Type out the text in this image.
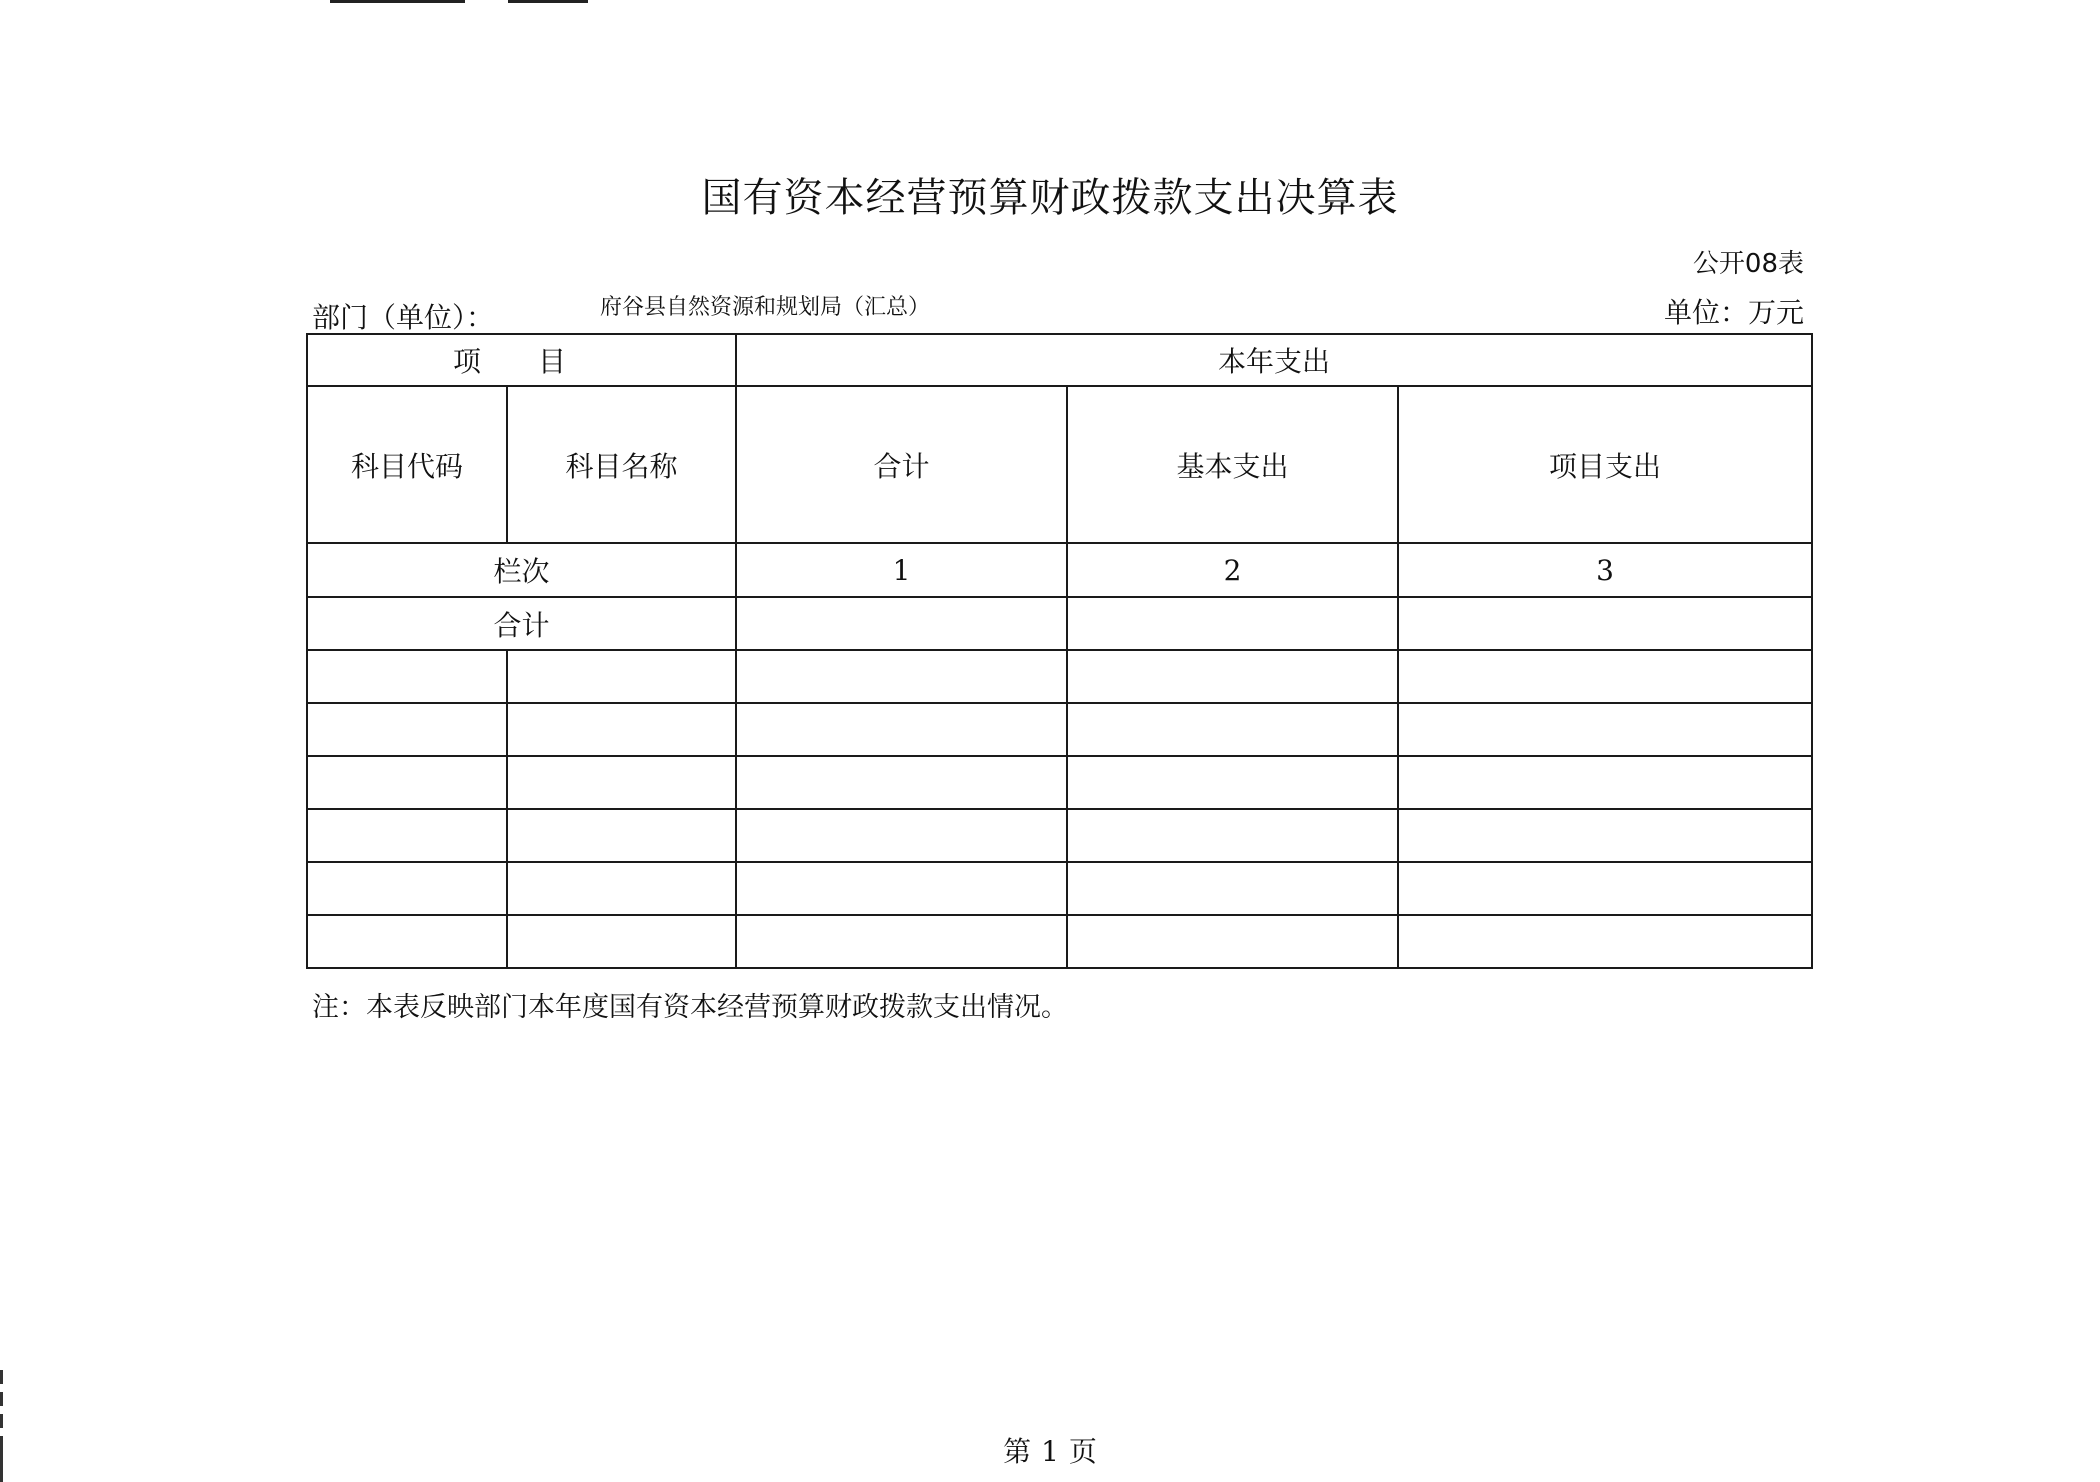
国有资本经营预算财政拨款支出决算表
公开08表
部门（单位）：	府谷县自然资源和规划局（汇总）	单位：万元
项 目		本年支出		
科目代码	科目名称	合计	基本支出	项目支出
栏次		1	2	3
合计				

注：本表反映部门本年度国有资本经营预算财政拨款支出情况。
第 1 页
